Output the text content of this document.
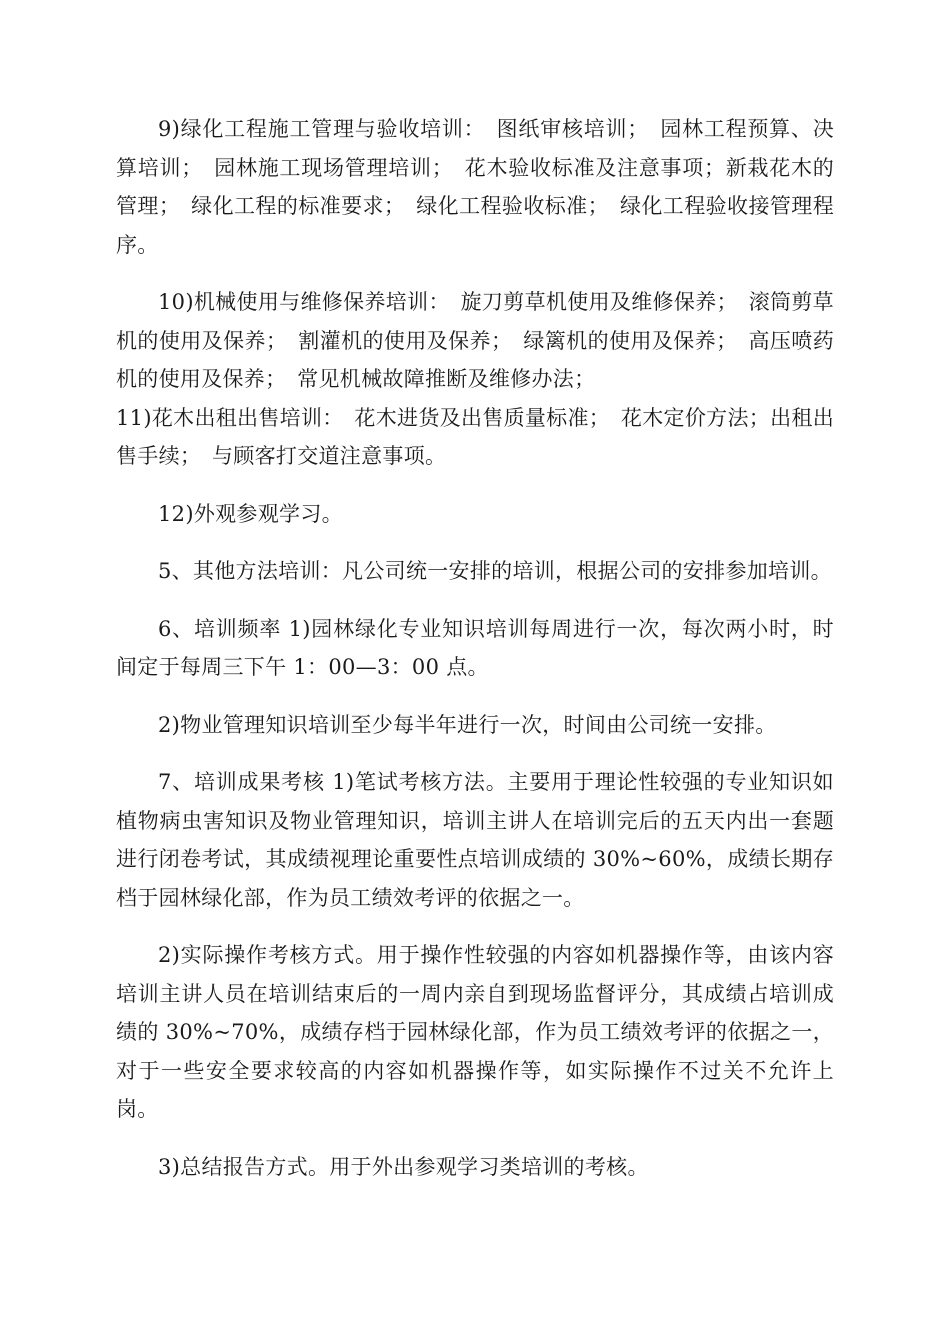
9)绿化工程施工管理与验收培训：　图纸审核培训；　园林工程预算、决算培训；　园林施工现场管理培训；　花木验收标准及注意事项；新栽花木的管理；　绿化工程的标准要求；　绿化工程验收标准；　绿化工程验收接管理程序。

10)机械使用与维修保养培训：　旋刀剪草机使用及维修保养；　滚筒剪草机的使用及保养；　割灌机的使用及保养；　绿篱机的使用及保养；　高压喷药机的使用及保养；　常见机械故障推断及维修办法；

11)花木出租出售培训：　花木进货及出售质量标准；　花木定价方法；出租出售手续；　与顾客打交道注意事项。

12)外观参观学习。

5、其他方法培训：凡公司统一安排的培训，根据公司的安排参加培训。

6、培训频率 1)园林绿化专业知识培训每周进行一次，每次两小时，时间定于每周三下午 1：00—3：00 点。

2)物业管理知识培训至少每半年进行一次，时间由公司统一安排。

7、培训成果考核 1)笔试考核方法。主要用于理论性较强的专业知识如植物病虫害知识及物业管理知识，培训主讲人在培训完后的五天内出一套题进行闭卷考试，其成绩视理论重要性点培训成绩的 30%~60%，成绩长期存档于园林绿化部，作为员工绩效考评的依据之一。

2)实际操作考核方式。用于操作性较强的内容如机器操作等，由该内容培训主讲人员在培训结束后的一周内亲自到现场监督评分，其成绩占培训成绩的 30%~70%，成绩存档于园林绿化部，作为员工绩效考评的依据之一，对于一些安全要求较高的内容如机器操作等，如实际操作不过关不允许上岗。

3)总结报告方式。用于外出参观学习类培训的考核。
